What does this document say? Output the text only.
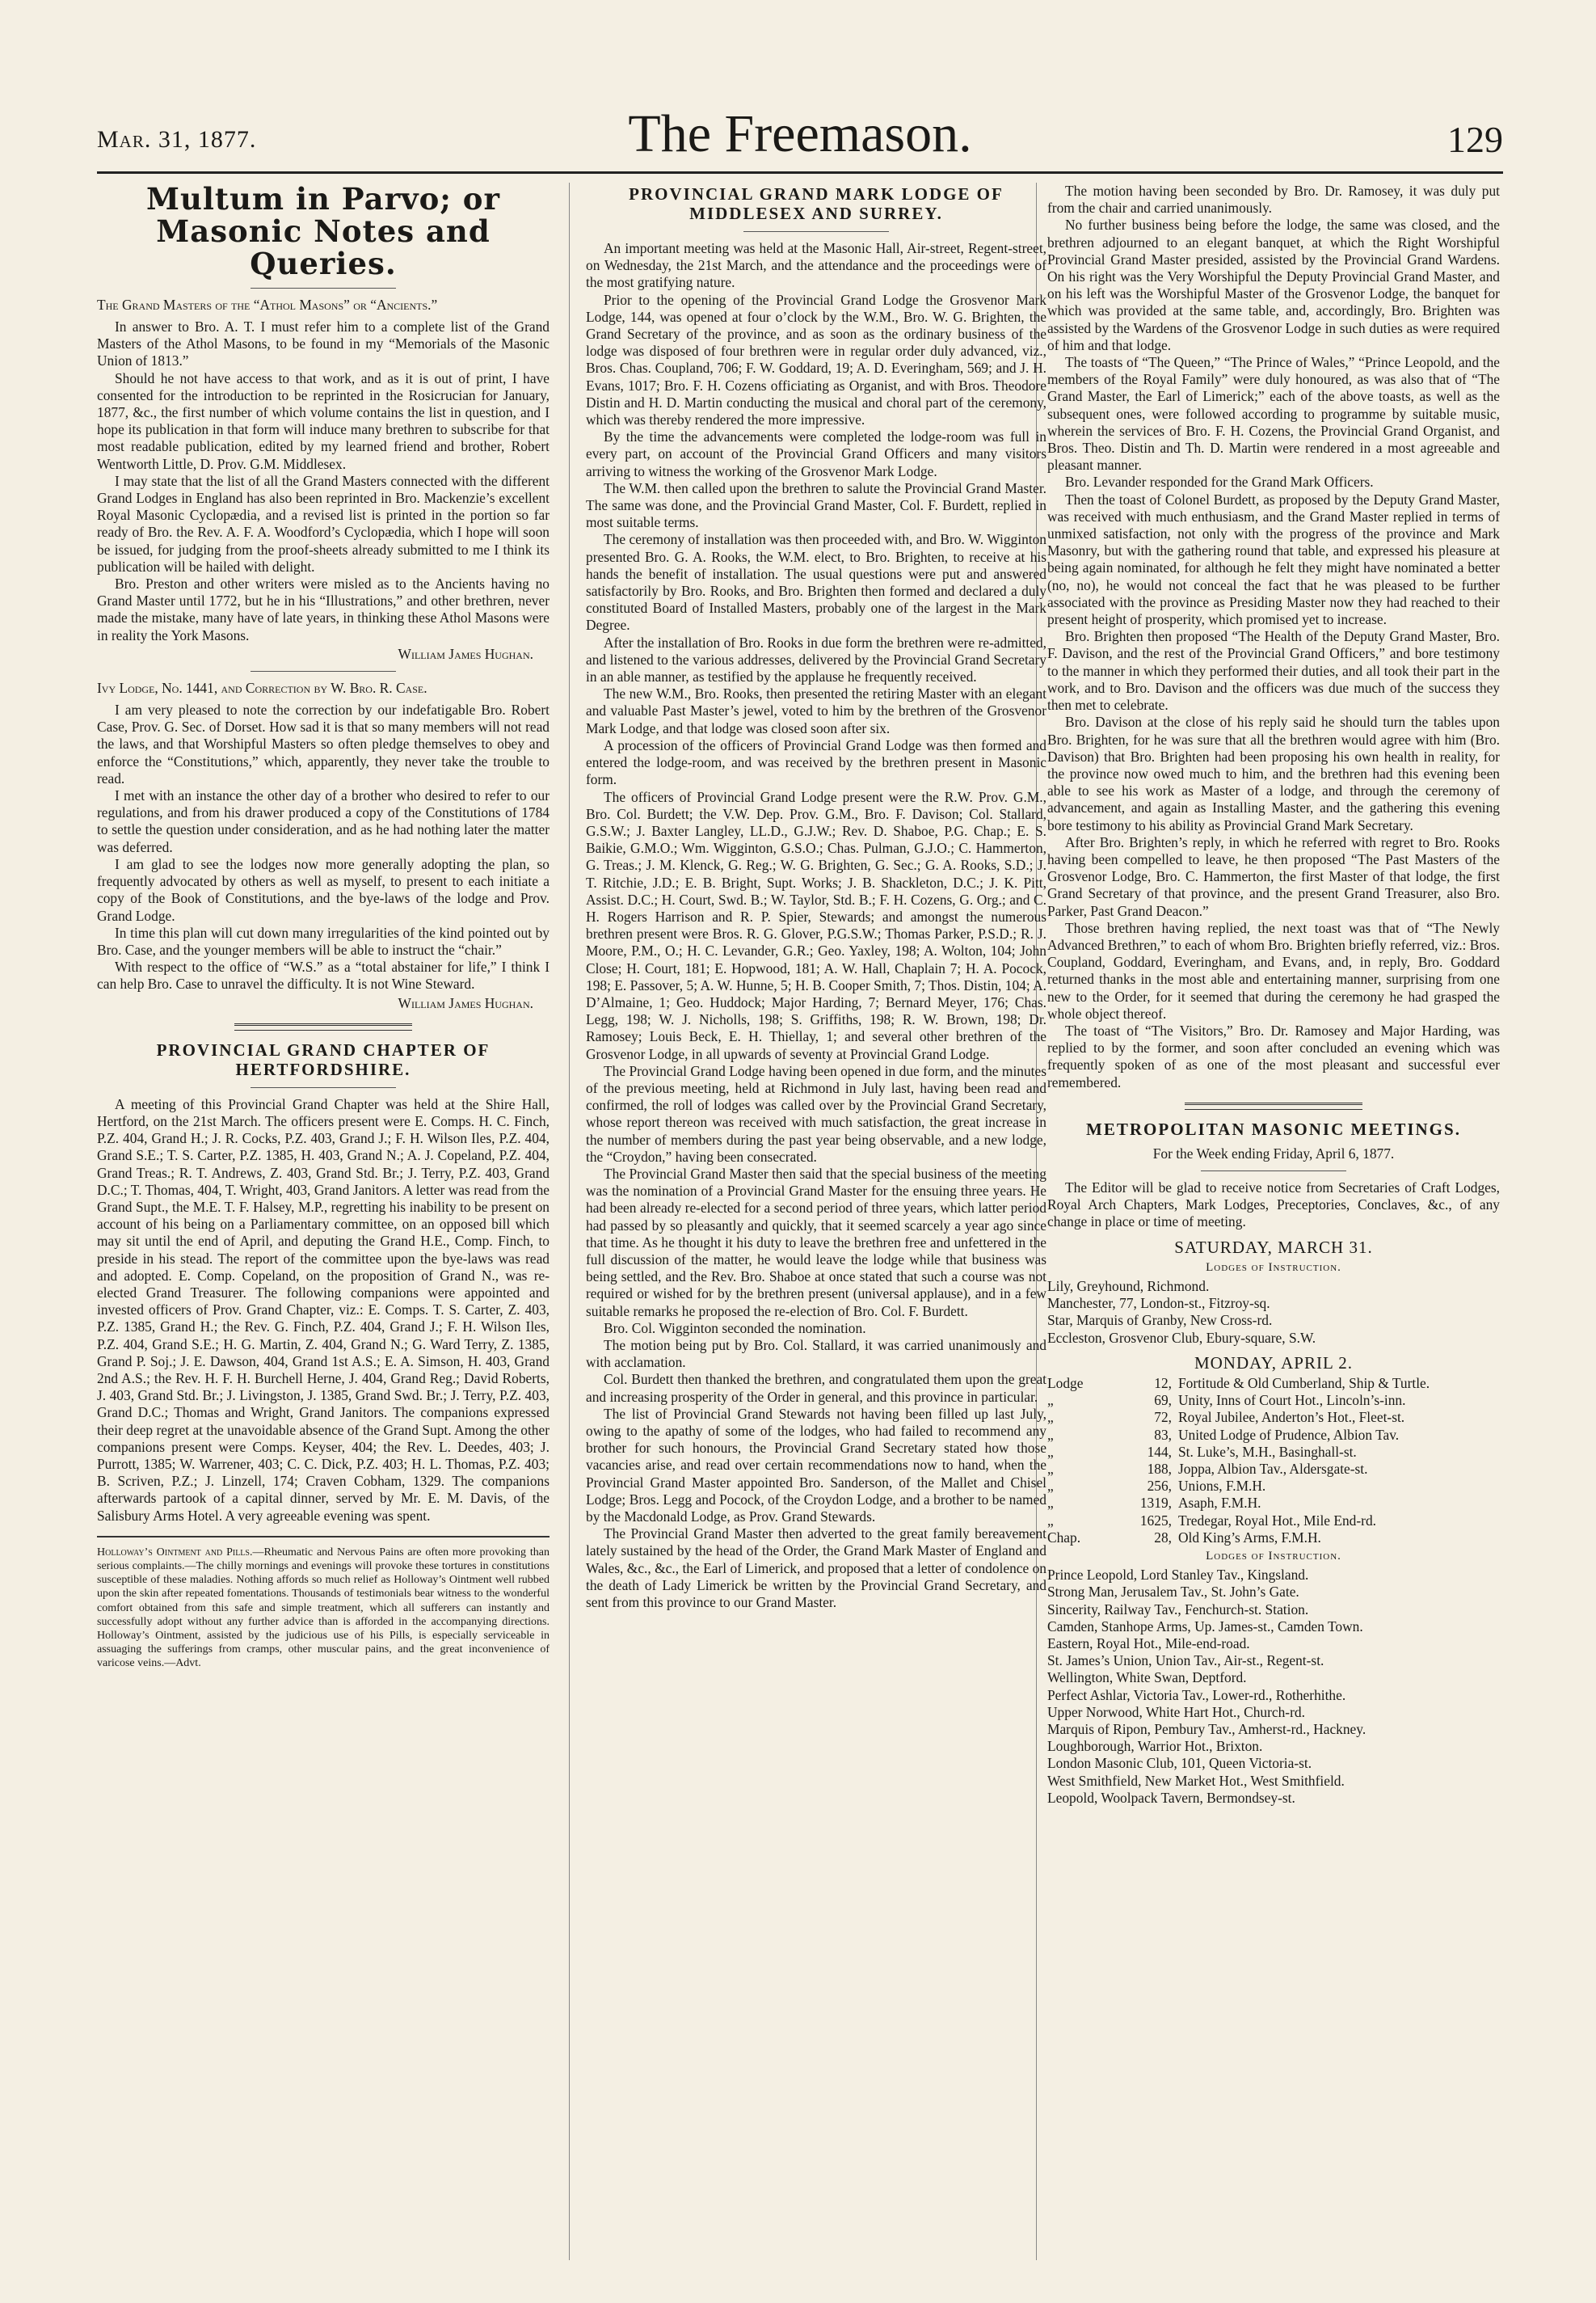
Mar. 31, 1877.	The Freemason.	129
Multum in Parvo; or Masonic Notes and Queries.
The Grand Masters of the “Athol Masons” or “Ancients.”

In answer to Bro. A. T. I must refer him to a complete list of the Grand Masters of the Athol Masons, to be found in my “Memorials of the Masonic Union of 1813.”

Should he not have access to that work, and as it is out of print, I have consented for the introduction to be reprinted in the Rosicrucian for January, 1877, &c., the first number of which volume contains the list in question, and I hope its publication in that form will induce many brethren to subscribe for that most readable publication, edited by my learned friend and brother, Robert Wentworth Little, D. Prov. G.M. Middlesex.

I may state that the list of all the Grand Masters connected with the different Grand Lodges in England has also been reprinted in Bro. Mackenzie’s excellent Royal Masonic Cyclopædia, and a revised list is printed in the portion so far ready of Bro. the Rev. A. F. A. Woodford’s Cyclopædia, which I hope will soon be issued, for judging from the proof-sheets already submitted to me I think its publication will be hailed with delight.

Bro. Preston and other writers were misled as to the Ancients having no Grand Master until 1772, but he in his “Illustrations,” and other brethren, never made the mistake, many have of late years, in thinking these Athol Masons were in reality the York Masons.

William James Hughan.
Ivy Lodge, No. 1441, and Correction by W. Bro. R. Case.

I am very pleased to note the correction by our indefatigable Bro. Robert Case, Prov. G. Sec. of Dorset. How sad it is that so many members will not read the laws, and that Worshipful Masters so often pledge themselves to obey and enforce the “Constitutions,” which, apparently, they never take the trouble to read.

I met with an instance the other day of a brother who desired to refer to our regulations, and from his drawer produced a copy of the Constitutions of 1784 to settle the question under consideration, and as he had nothing later the matter was deferred.

I am glad to see the lodges now more generally adopting the plan, so frequently advocated by others as well as myself, to present to each initiate a copy of the Book of Constitutions, and the bye-laws of the lodge and Prov. Grand Lodge.

In time this plan will cut down many irregularities of the kind pointed out by Bro. Case, and the younger members will be able to instruct the “chair.”

With respect to the office of “W.S.” as a “total abstainer for life,” I think I can help Bro. Case to unravel the difficulty. It is not Wine Steward.

William James Hughan.
PROVINCIAL GRAND CHAPTER OF HERTFORDSHIRE.

A meeting of this Provincial Grand Chapter was held at the Shire Hall, Hertford, on the 21st March. The officers present were E. Comps. H. C. Finch, P.Z. 404, Grand H.; J. R. Cocks, P.Z. 403, Grand J.; F. H. Wilson Iles, P.Z. 404, Grand S.E.; T. S. Carter, P.Z. 1385, H. 403, Grand N.; A. J. Copeland, P.Z. 404, Grand Treas.; R. T. Andrews, Z. 403, Grand Std. Br.; J. Terry, P.Z. 403, Grand D.C.; T. Thomas, 404, T. Wright, 403, Grand Janitors. A letter was read from the Grand Supt., the M.E. T. F. Halsey, M.P., regretting his inability to be present on account of his being on a Parliamentary committee, on an opposed bill which may sit until the end of April, and deputing the Grand H.E., Comp. Finch, to preside in his stead. The report of the committee upon the bye-laws was read and adopted. E. Comp. Copeland, on the proposition of Grand N., was re-elected Grand Treasurer. The following companions were appointed and invested officers of Prov. Grand Chapter, viz.: E. Comps. T. S. Carter, Z. 403, P.Z. 1385, Grand H.; the Rev. G. Finch, P.Z. 404, Grand J.; F. H. Wilson Iles, P.Z. 404, Grand S.E.; H. G. Martin, Z. 404, Grand N.; G. Ward Terry, Z. 1385, Grand P. Soj.; J. E. Dawson, 404, Grand 1st A.S.; E. A. Simson, H. 403, Grand 2nd A.S.; the Rev. H. F. H. Burchell Herne, J. 404, Grand Reg.; David Roberts, J. 403, Grand Std. Br.; J. Livingston, J. 1385, Grand Swd. Br.; J. Terry, P.Z. 403, Grand D.C.; Thomas and Wright, Grand Janitors. The companions expressed their deep regret at the unavoidable absence of the Grand Supt. Among the other companions present were Comps. Keyser, 404; the Rev. L. Deedes, 403; J. Purrott, 1385; W. Warrener, 403; C. C. Dick, P.Z. 403; H. L. Thomas, P.Z. 403; B. Scriven, P.Z.; J. Linzell, 174; Craven Cobham, 1329. The companions afterwards partook of a capital dinner, served by Mr. E. M. Davis, of the Salisbury Arms Hotel. A very agreeable evening was spent.

Holloway’s Ointment and Pills.—Rheumatic and Nervous Pains are often more provoking than serious complaints.—The chilly mornings and evenings will provoke these tortures in constitutions susceptible of these maladies. Nothing affords so much relief as Holloway’s Ointment well rubbed upon the skin after repeated fomentations. Thousands of testimonials bear witness to the wonderful comfort obtained from this safe and simple treatment, which all sufferers can instantly and successfully adopt without any further advice than is afforded in the accompanying directions. Holloway’s Ointment, assisted by the judicious use of his Pills, is especially serviceable in assuaging the sufferings from cramps, other muscular pains, and the great inconvenience of varicose veins.—Advt.
PROVINCIAL GRAND MARK LODGE OF MIDDLESEX AND SURREY.

An important meeting was held at the Masonic Hall, Air-street, Regent-street, on Wednesday, the 21st March, and the attendance and the proceedings were of the most gratifying nature.

Prior to the opening of the Provincial Grand Lodge the Grosvenor Mark Lodge, 144, was opened at four o’clock by the W.M., Bro. W. G. Brighten, the Grand Secretary of the province, and as soon as the ordinary business of the lodge was disposed of four brethren were in regular order duly advanced, viz., Bros. Chas. Coupland, 706; F. W. Goddard, 19; A. D. Everingham, 569; and J. H. Evans, 1017; Bro. F. H. Cozens officiating as Organist, and with Bros. Theodore Distin and H. D. Martin conducting the musical and choral part of the ceremony, which was thereby rendered the more impressive.

By the time the advancements were completed the lodge-room was full in every part, on account of the Provincial Grand Officers and many visitors arriving to witness the working of the Grosvenor Mark Lodge.

The W.M. then called upon the brethren to salute the Provincial Grand Master. The same was done, and the Provincial Grand Master, Col. F. Burdett, replied in most suitable terms.

The ceremony of installation was then proceeded with, and Bro. W. Wigginton presented Bro. G. A. Rooks, the W.M. elect, to Bro. Brighten, to receive at his hands the benefit of installation. The usual questions were put and answered satisfactorily by Bro. Rooks, and Bro. Brighten then formed and declared a duly constituted Board of Installed Masters, probably one of the largest in the Mark Degree.

After the installation of Bro. Rooks in due form the brethren were re-admitted, and listened to the various addresses, delivered by the Provincial Grand Secretary in an able manner, as testified by the applause he frequently received.

The new W.M., Bro. Rooks, then presented the retiring Master with an elegant and valuable Past Master’s jewel, voted to him by the brethren of the Grosvenor Mark Lodge, and that lodge was closed soon after six.

A procession of the officers of Provincial Grand Lodge was then formed and entered the lodge-room, and was received by the brethren present in Masonic form.

The officers of Provincial Grand Lodge present were the R.W. Prov. G.M., Bro. Col. Burdett; the V.W. Dep. Prov. G.M., Bro. F. Davison; Col. Stallard, G.S.W.; J. Baxter Langley, LL.D., G.J.W.; Rev. D. Shaboe, P.G. Chap.; E. S. Baikie, G.M.O.; Wm. Wigginton, G.S.O.; Chas. Pulman, G.J.O.; C. Hammerton, G. Treas.; J. M. Klenck, G. Reg.; W. G. Brighten, G. Sec.; G. A. Rooks, S.D.; J. T. Ritchie, J.D.; E. B. Bright, Supt. Works; J. B. Shackleton, D.C.; J. K. Pitt, Assist. D.C.; H. Court, Swd. B.; W. Taylor, Std. B.; F. H. Cozens, G. Org.; and C. H. Rogers Harrison and R. P. Spier, Stewards; and amongst the numerous brethren present were Bros. R. G. Glover, P.G.S.W.; Thomas Parker, P.S.D.; R. J. Moore, P.M., O.; H. C. Levander, G.R.; Geo. Yaxley, 198; A. Wolton, 104; John Close; H. Court, 181; E. Hopwood, 181; A. W. Hall, Chaplain 7; H. A. Pocock, 198; E. Passover, 5; A. W. Hunne, 5; H. B. Cooper Smith, 7; Thos. Distin, 104; A. D’Almaine, 1; Geo. Huddock; Major Harding, 7; Bernard Meyer, 176; Chas. Legg, 198; W. J. Nicholls, 198; S. Griffiths, 198; R. W. Brown, 198; Dr. Ramosey; Louis Beck, E. H. Thiellay, 1; and several other brethren of the Grosvenor Lodge, in all upwards of seventy at Provincial Grand Lodge.

The Provincial Grand Lodge having been opened in due form, and the minutes of the previous meeting, held at Richmond in July last, having been read and confirmed, the roll of lodges was called over by the Provincial Grand Secretary, whose report thereon was received with much satisfaction, the great increase in the number of members during the past year being observable, and a new lodge, the “Croydon,” having been consecrated.

The Provincial Grand Master then said that the special business of the meeting was the nomination of a Provincial Grand Master for the ensuing three years. He had been already re-elected for a second period of three years, which latter period had passed by so pleasantly and quickly, that it seemed scarcely a year ago since that time. As he thought it his duty to leave the brethren free and unfettered in the full discussion of the matter, he would leave the lodge while that business was being settled, and the Rev. Bro. Shaboe at once stated that such a course was not required or wished for by the brethren present (universal applause), and in a few suitable remarks he proposed the re-election of Bro. Col. F. Burdett.

Bro. Col. Wigginton seconded the nomination.

The motion being put by Bro. Col. Stallard, it was carried unanimously and with acclamation.

Col. Burdett then thanked the brethren, and congratulated them upon the great and increasing prosperity of the Order in general, and this province in particular.

The list of Provincial Grand Stewards not having been filled up last July, owing to the apathy of some of the lodges, who had failed to recommend any brother for such honours, the Provincial Grand Secretary stated how those vacancies arise, and read over certain recommendations now to hand, when the Provincial Grand Master appointed Bro. Sanderson, of the Mallet and Chisel Lodge; Bros. Legg and Pocock, of the Croydon Lodge, and a brother to be named by the Macdonald Lodge, as Prov. Grand Stewards.

The Provincial Grand Master then adverted to the great family bereavement lately sustained by the head of the Order, the Grand Mark Master of England and Wales, &c., &c., the Earl of Limerick, and proposed that a letter of condolence on the death of Lady Limerick be written by the Provincial Grand Secretary, and sent from this province to our Grand Master.

The motion having been seconded by Bro. Dr. Ramosey, it was duly put from the chair and carried unanimously.

No further business being before the lodge, the same was closed, and the brethren adjourned to an elegant banquet, at which the Right Worshipful Provincial Grand Master presided, assisted by the Provincial Grand Wardens. On his right was the Very Worshipful the Deputy Provincial Grand Master, and on his left was the Worshipful Master of the Grosvenor Lodge, the banquet for which was provided at the same table, and, accordingly, Bro. Brighten was assisted by the Wardens of the Grosvenor Lodge in such duties as were required of him and that lodge.

The toasts of “The Queen,” “The Prince of Wales,” “Prince Leopold, and the members of the Royal Family” were duly honoured, as was also that of “The Grand Master, the Earl of Limerick;” each of the above toasts, as well as the subsequent ones, were followed according to programme by suitable music, wherein the services of Bro. F. H. Cozens, the Provincial Grand Organist, and Bros. Theo. Distin and Th. D. Martin were rendered in a most agreeable and pleasant manner.

Bro. Levander responded for the Grand Mark Officers.

Then the toast of Colonel Burdett, as proposed by the Deputy Grand Master, was received with much enthusiasm, and the Grand Master replied in terms of unmixed satisfaction, not only with the progress of the province and Mark Masonry, but with the gathering round that table, and expressed his pleasure at being again nominated, for although he felt they might have nominated a better (no, no), he would not conceal the fact that he was pleased to be further associated with the province as Presiding Master now they had reached to their present height of prosperity, which promised yet to increase.

Bro. Brighten then proposed “The Health of the Deputy Grand Master, Bro. F. Davison, and the rest of the Provincial Grand Officers,” and bore testimony to the manner in which they performed their duties, and all took their part in the work, and to Bro. Davison and the officers was due much of the success they then met to celebrate.

Bro. Davison at the close of his reply said he should turn the tables upon Bro. Brighten, for he was sure that all the brethren would agree with him (Bro. Davison) that Bro. Brighten had been proposing his own health in reality, for the province now owed much to him, and the brethren had this evening been able to see his work as Master of a lodge, and through the ceremony of advancement, and again as Installing Master, and the gathering this evening bore testimony to his ability as Provincial Grand Mark Secretary.

After Bro. Brighten’s reply, in which he referred with regret to Bro. Rooks having been compelled to leave, he then proposed “The Past Masters of the Grosvenor Lodge, Bro. C. Hammerton, the first Master of that lodge, the first Grand Secretary of that province, and the present Grand Treasurer, also Bro. Parker, Past Grand Deacon.”

Those brethren having replied, the next toast was that of “The Newly Advanced Brethren,” to each of whom Bro. Brighten briefly referred, viz.: Bros. Coupland, Goddard, Everingham, and Evans, and, in reply, Bro. Goddard returned thanks in the most able and entertaining manner, surprising from one new to the Order, for it seemed that during the ceremony he had grasped the whole object thereof.

The toast of “The Visitors,” Bro. Dr. Ramosey and Major Harding, was replied to by the former, and soon after concluded an evening which was frequently spoken of as one of the most pleasant and successful ever remembered.

METROPOLITAN MASONIC MEETINGS.
For the Week ending Friday, April 6, 1877.

The Editor will be glad to receive notice from Secretaries of Craft Lodges, Royal Arch Chapters, Mark Lodges, Preceptories, Conclaves, &c., of any change in place or time of meeting.

SATURDAY, MARCH 31.
Lodges of Instruction.
Lily, Greyhound, Richmond.
Manchester, 77, London-st., Fitzroy-sq.
Star, Marquis of Granby, New Cross-rd.
Eccleston, Grosvenor Club, Ebury-square, S.W.
MONDAY, APRIL 2.
Lodge	12, Fortitude & Old Cumberland, Ship & Turtle.
„	69, Unity, Inns of Court Hot., Lincoln’s-inn.
„	72, Royal Jubilee, Anderton’s Hot., Fleet-st.
„	83, United Lodge of Prudence, Albion Tav.
„	144, St. Luke’s, M.H., Basinghall-st.
„	188, Joppa, Albion Tav., Aldersgate-st.
„	256, Unions, F.M.H.
„	1319, Asaph, F.M.H.
„	1625, Tredegar, Royal Hot., Mile End-rd.
Chap.	28, Old King’s Arms, F.M.H.
Lodges of Instruction.
Prince Leopold, Lord Stanley Tav., Kingsland.
Strong Man, Jerusalem Tav., St. John’s Gate.
Sincerity, Railway Tav., Fenchurch-st. Station.
Camden, Stanhope Arms, Up. James-st., Camden Town.
Eastern, Royal Hot., Mile-end-road.
St. James’s Union, Union Tav., Air-st., Regent-st.
Wellington, White Swan, Deptford.
Perfect Ashlar, Victoria Tav., Lower-rd., Rotherhithe.
Upper Norwood, White Hart Hot., Church-rd.
Marquis of Ripon, Pembury Tav., Amherst-rd., Hackney.
Loughborough, Warrior Hot., Brixton.
London Masonic Club, 101, Queen Victoria-st.
West Smithfield, New Market Hot., West Smithfield.
Leopold, Woolpack Tavern, Bermondsey-st.
